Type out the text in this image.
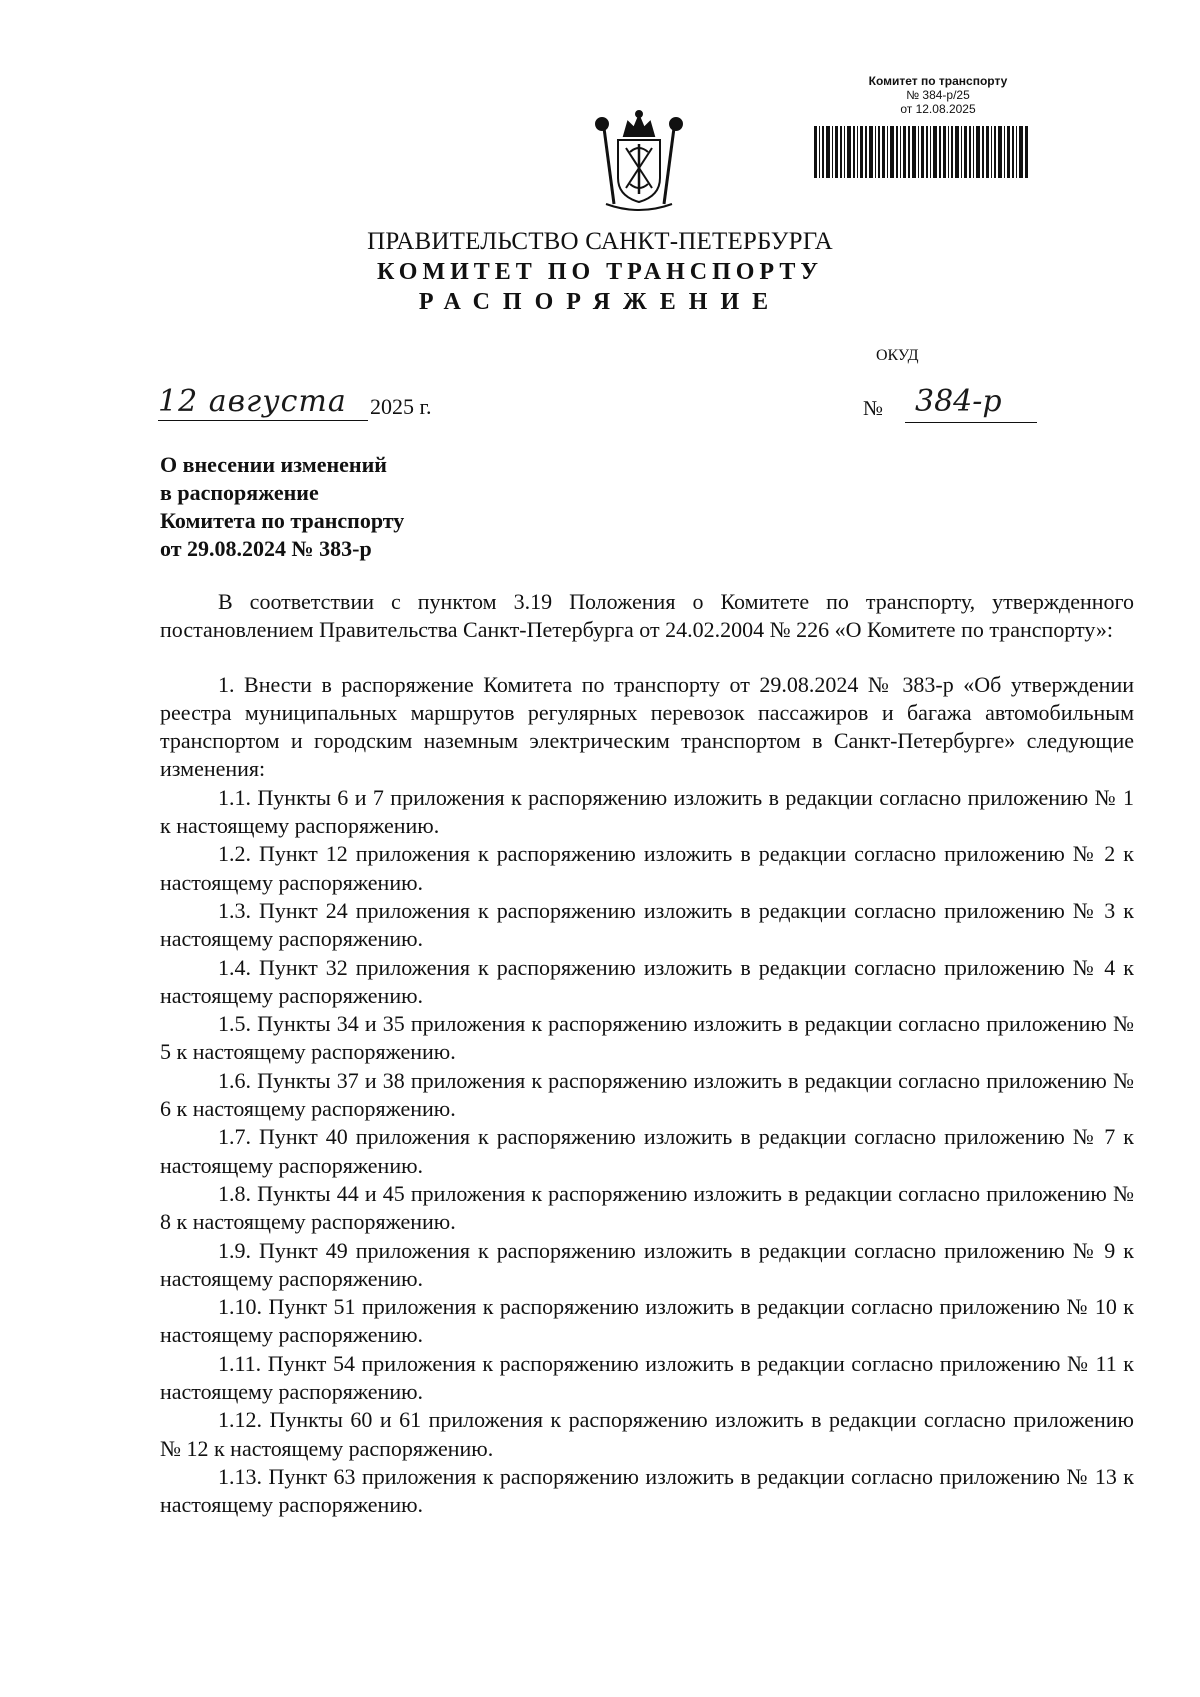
Комитет по транспорту
№ 384-р/25
от 12.08.2025
ПРАВИТЕЛЬСТВО САНКТ-ПЕТЕРБУРГА
КОМИТЕТ ПО ТРАНСПОРТУ
РАСПОРЯЖЕНИЕ
ОКУД
12 августа 2025 г.	№ 384-р
О внесении изменений
в распоряжение
Комитета по транспорту
от 29.08.2024 № 383-р

В соответствии с пунктом 3.19 Положения о Комитете по транспорту, утвержденного постановлением Правительства Санкт-Петербурга от 24.02.2004 № 226 «О Комитете по транспорту»:

1. Внести в распоряжение Комитета по транспорту от 29.08.2024 № 383-р «Об утверждении реестра муниципальных маршрутов регулярных перевозок пассажиров и багажа автомобильным транспортом и городским наземным электрическим транспортом в Санкт-Петербурге» следующие изменения:

1.1. Пункты 6 и 7 приложения к распоряжению изложить в редакции согласно приложению № 1 к настоящему распоряжению.

1.2. Пункт 12 приложения к распоряжению изложить в редакции согласно приложению № 2 к настоящему распоряжению.

1.3. Пункт 24 приложения к распоряжению изложить в редакции согласно приложению № 3 к настоящему распоряжению.

1.4. Пункт 32 приложения к распоряжению изложить в редакции согласно приложению № 4 к настоящему распоряжению.

1.5. Пункты 34 и 35 приложения к распоряжению изложить в редакции согласно приложению № 5 к настоящему распоряжению.

1.6. Пункты 37 и 38 приложения к распоряжению изложить в редакции согласно приложению № 6 к настоящему распоряжению.

1.7. Пункт 40 приложения к распоряжению изложить в редакции согласно приложению № 7 к настоящему распоряжению.

1.8. Пункты 44 и 45 приложения к распоряжению изложить в редакции согласно приложению № 8 к настоящему распоряжению.

1.9. Пункт 49 приложения к распоряжению изложить в редакции согласно приложению № 9 к настоящему распоряжению.

1.10. Пункт 51 приложения к распоряжению изложить в редакции согласно приложению № 10 к настоящему распоряжению.

1.11. Пункт 54 приложения к распоряжению изложить в редакции согласно приложению № 11 к настоящему распоряжению.

1.12. Пункты 60 и 61 приложения к распоряжению изложить в редакции согласно приложению № 12 к настоящему распоряжению.

1.13. Пункт 63 приложения к распоряжению изложить в редакции согласно приложению № 13 к настоящему распоряжению.
